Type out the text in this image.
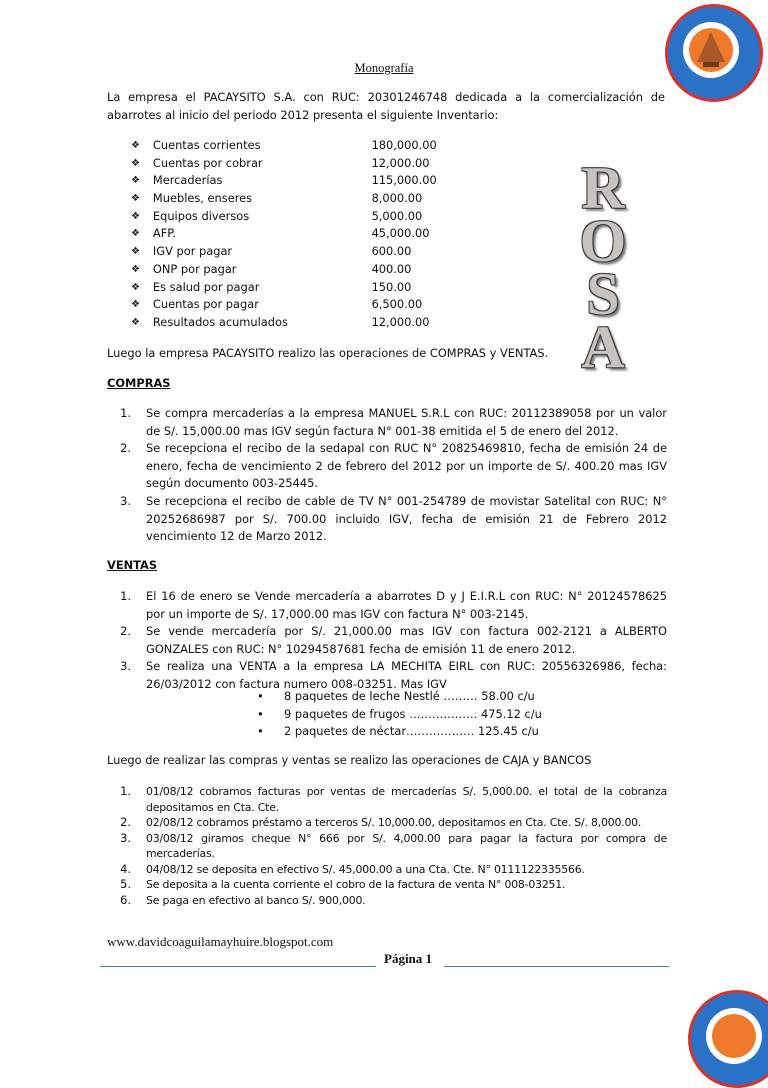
Monografía
La empresa el PACAYSITO S.A. con RUC: 20301246748 dedicada a la comercialización de abarrotes al inicio del periodo 2012 presenta el siguiente Inventario:
❖	Cuentas corrientes	180,000.00
❖	Cuentas por cobrar	12,000.00
❖	Mercaderías	115,000.00
❖	Muebles, enseres	8,000.00
❖	Equipos diversos	5,000.00
❖	AFP.	45,000.00
❖	IGV por pagar	600.00
❖	ONP por pagar	400.00
❖	Es salud por pagar	150.00
❖	Cuentas por pagar	6,500.00
❖	Resultados acumulados	12,000.00
R
O
S
A
Luego la empresa PACAYSITO realizo las operaciones de COMPRAS y VENTAS.
COMPRAS
1.	Se compra mercaderías a la empresa MANUEL S.R.L con RUC: 20112389058 por un valor de S/. 15,000.00 mas IGV según factura N° 001-38 emitida el 5 de enero del 2012.
2.	Se recepciona el recibo de la sedapal con RUC N° 20825469810, fecha de emisión 24 de enero, fecha de vencimiento 2 de febrero del 2012 por un importe de S/. 400.20 mas IGV según documento 003-25445.
3.	Se recepciona el recibo de cable de TV N° 001-254789 de movistar Satelital con RUC: N° 20252686987 por S/. 700.00 incluido IGV, fecha de emisión 21 de Febrero 2012 vencimiento 12 de Marzo 2012.
VENTAS
1.	El 16 de enero se Vende mercadería a abarrotes D y J E.I.R.L con RUC: N° 20124578625 por un importe de S/. 17,000.00 mas IGV con factura N° 003-2145.
2.	Se vende mercadería por S/. 21,000.00 mas IGV con factura 002-2121 a ALBERTO GONZALES con RUC: N° 10294587681 fecha de emisión 11 de enero 2012.
3.	Se realiza una VENTA a la empresa LA MECHITA EIRL con RUC: 20556326986, fecha: 26/03/2012 con factura numero 008-03251. Mas IGV
•	8 paquetes de leche Nestlé ……… 58.00 c/u
•	9 paquetes de frugos ……………… 475.12 c/u
•	2 paquetes de néctar……………… 125.45 c/u
Luego de realizar las compras y ventas se realizo las operaciones de CAJA y BANCOS
1.	01/08/12 cobramos facturas por ventas de mercaderías S/. 5,000.00. el total de la cobranza depositamos en Cta. Cte.
2.	02/08/12 cobramos préstamo a terceros S/. 10,000.00, depositamos en Cta. Cte. S/. 8,000.00.
3.	03/08/12 giramos cheque N° 666 por S/. 4,000.00 para pagar la factura por compra de mercaderías.
4.	04/08/12 se deposita en efectivo S/. 45,000.00 a una Cta. Cte. N° 0111122335566.
5.	Se deposita a la cuenta corriente el cobro de la factura de venta N° 008-03251.
6.	Se paga en efectivo al banco S/. 900,000.
www.davidcoaguilamayhuire.blogspot.com
Página 1
